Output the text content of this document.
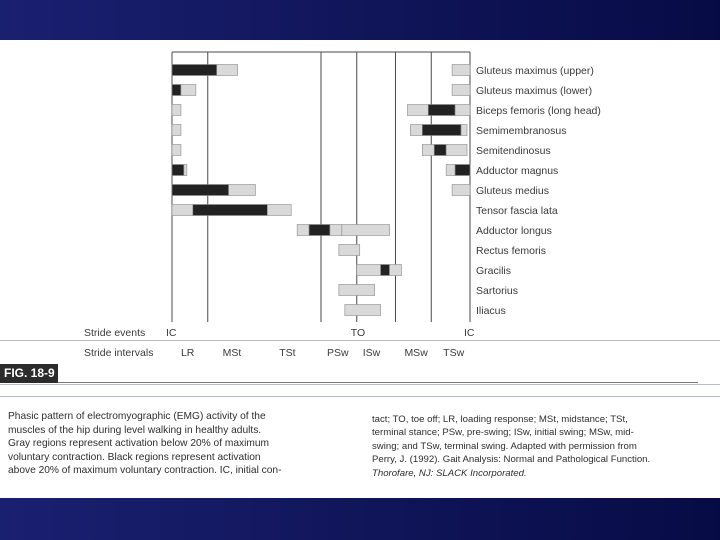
Gluteus maximus (upper)
Gluteus maximus (lower)
Biceps femoris (long head)
Semimembranosus
Semitendinosus
Adductor magnus
Gluteus medius
Tensor fascia lata
Adductor longus
Rectus femoris
Gracilis
Sartorius
Iliacus
Stride events IC	TO	IC
Stride intervals	LR	MSt	TSt	PSw ISw MSw TSw
FIG. 18-9
Phasic pattern of electromyographic (EMG) activity of the
muscles of the hip during level walking in healthy adults.
Gray regions represent activation below 20% of maximum
voluntary contraction. Black regions represent activation
above 20% of maximum voluntary contraction. IC, initial con-
tact; TO, toe off; LR, loading response; MSt, midstance; TSt,
terminal stance; PSw, pre-swing; ISw, initial swing; MSw, mid-
swing; and TSw, terminal swing. Adapted with permission from
Perry, J. (1992). Gait Analysis: Normal and Pathological Function.
Thorofare, NJ: SLACK Incorporated.
